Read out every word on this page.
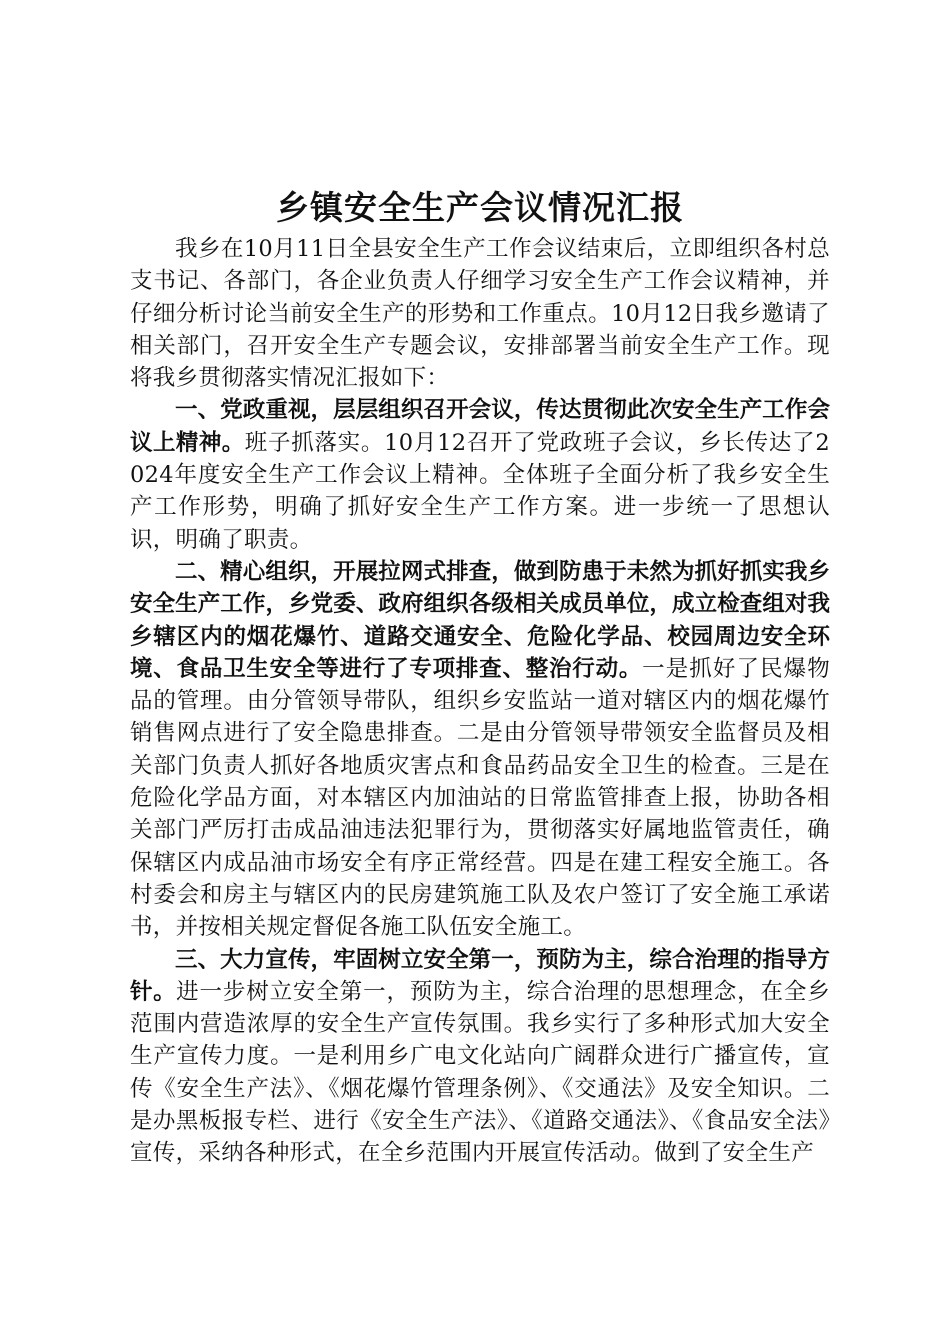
乡镇安全生产会议情况汇报

我乡在10月11日全县安全生产工作会议结束后，立即组织各村总支书记、各部门，各企业负责人仔细学习安全生产工作会议精神，并仔细分析讨论当前安全生产的形势和工作重点。10月12日我乡邀请了相关部门，召开安全生产专题会议，安排部署当前安全生产工作。现将我乡贯彻落实情况汇报如下：

一、党政重视，层层组织召开会议，传达贯彻此次安全生产工作会议上精神。班子抓落实。10月12召开了党政班子会议，乡长传达了2024年度安全生产工作会议上精神。全体班子全面分析了我乡安全生产工作形势，明确了抓好安全生产工作方案。进一步统一了思想认识，明确了职责。

二、精心组织，开展拉网式排查，做到防患于未然为抓好抓实我乡安全生产工作，乡党委、政府组织各级相关成员单位，成立检查组对我乡辖区内的烟花爆竹、道路交通安全、危险化学品、校园周边安全环境、食品卫生安全等进行了专项排查、整治行动。一是抓好了民爆物品的管理。由分管领导带队，组织乡安监站一道对辖区内的烟花爆竹销售网点进行了安全隐患排查。二是由分管领导带领安全监督员及相关部门负责人抓好各地质灾害点和食品药品安全卫生的检查。三是在危险化学品方面，对本辖区内加油站的日常监管排查上报，协助各相关部门严厉打击成品油违法犯罪行为，贯彻落实好属地监管责任，确保辖区内成品油市场安全有序正常经营。四是在建工程安全施工。各村委会和房主与辖区内的民房建筑施工队及农户签订了安全施工承诺书，并按相关规定督促各施工队伍安全施工。

三、大力宣传，牢固树立安全第一，预防为主，综合治理的指导方针。进一步树立安全第一，预防为主，综合治理的思想理念，在全乡范围内营造浓厚的安全生产宣传氛围。我乡实行了多种形式加大安全生产宣传力度。一是利用乡广电文化站向广阔群众进行广播宣传，宣传《安全生产法》、《烟花爆竹管理条例》、《交通法》及安全知识。二是办黑板报专栏、进行《安全生产法》、《道路交通法》、《食品安全法》宣传，采纳各种形式，在全乡范围内开展宣传活动。做到了安全生产
